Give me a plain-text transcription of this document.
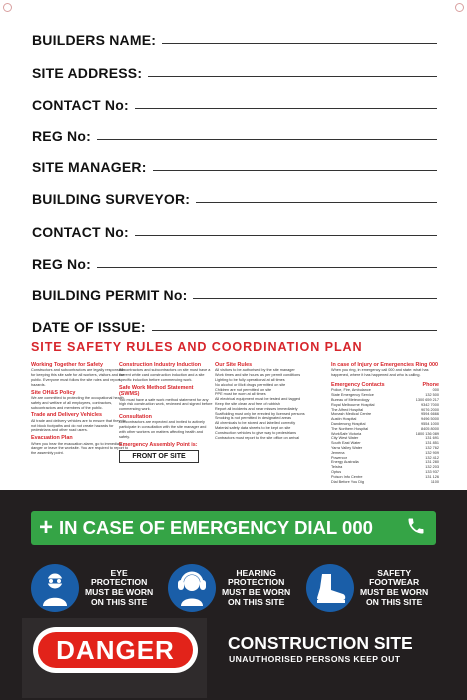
BUILDERS NAME:
SITE ADDRESS:
CONTACT No:
REG No:
SITE MANAGER:
BUILDING SURVEYOR:
CONTACT No:
REG No:
BUILDING PERMIT No:
DATE OF ISSUE:
SITE SAFETY RULES AND COORDINATION PLAN
Working Together for Safety
Constructors and subcontractors are legally responsible for keeping this site safe for all workers, visitors and the public. Everyone must follow the site rules and report hazards.
Site OH&S Policy
We are committed to protecting the occupational health, safety and welfare of all employees, contractors, subcontractors and members of the public.
Trade and Delivery Vehicles
All trade and delivery vehicles are to ensure that they do not block footpaths and do not create hazards for pedestrians and other road users.
Evacuation Plan
When you hear the evacuation alarm, go to immediate danger or leave the worksite. You are required to report to the assembly point.
Construction Industry Induction
All contractors and subcontractors on site must have a current white card construction induction and a site specific induction before commencing work.
Safe Work Method Statement (SWMS)
You must have a safe work method statement for any high risk construction work, reviewed and signed before commencing work.
Consultation
Subcontractors are expected and invited to actively participate in consultation with the site manager and with other workers on matters affecting health and safety.
Emergency Assembly Point is:
FRONT OF SITE
Our Site Rules
All visitors to be authorised by the site manager
Work times and site hours as per permit conditions
Lighting to be fully operational at all times
No alcohol or illicit drugs permitted on site
Children are not permitted on site
PPE must be worn at all times
All electrical equipment must be tested and tagged
Keep the site clean and free of rubbish
Report all incidents and near misses immediately
Scaffolding must only be erected by licensed persons
Smoking is not permitted in designated areas
All chemicals to be stored and labelled correctly
Material safety data sheets to be kept on site
Construction vehicles to give way to pedestrians
Contractors must report to the site office on arrival
In case of Injury or Emergencies Ring 000
When you ring, in emergency call 000 and state: what has happened, where it has happened and who is calling.
Emergency Contacts	Phone
Police, Fire, Ambulance	000
State Emergency Service	132 500
Bureau of Meteorology	1300 659 217
Royal Melbourne Hospital	9342 7000
The Alfred Hospital	9076 2000
Monash Medical Centre	9594 6666
Austin Hospital	9496 5000
Dandenong Hospital	9554 1000
The Northern Hospital	8405 8000
WorkSafe Victoria	1800 136 089
City West Water	131 691
South East Water	131 851
Yarra Valley Water	132 762
Jemena	132 909
Powercor	132 412
Energy Australia	131 280
Telstra	132 203
Optus	133 937
Poison Info Centre	131 126
Dial Before You Dig	1100
+ IN CASE OF EMERGENCY DIAL 000
EYE
PROTECTION
MUST BE WORN
ON THIS SITE
HEARING
PROTECTION
MUST BE WORN
ON THIS SITE
SAFETY
FOOTWEAR
MUST BE WORN
ON THIS SITE
DANGER	CONSTRUCTION SITE
UNAUTHORISED PERSONS KEEP OUT
